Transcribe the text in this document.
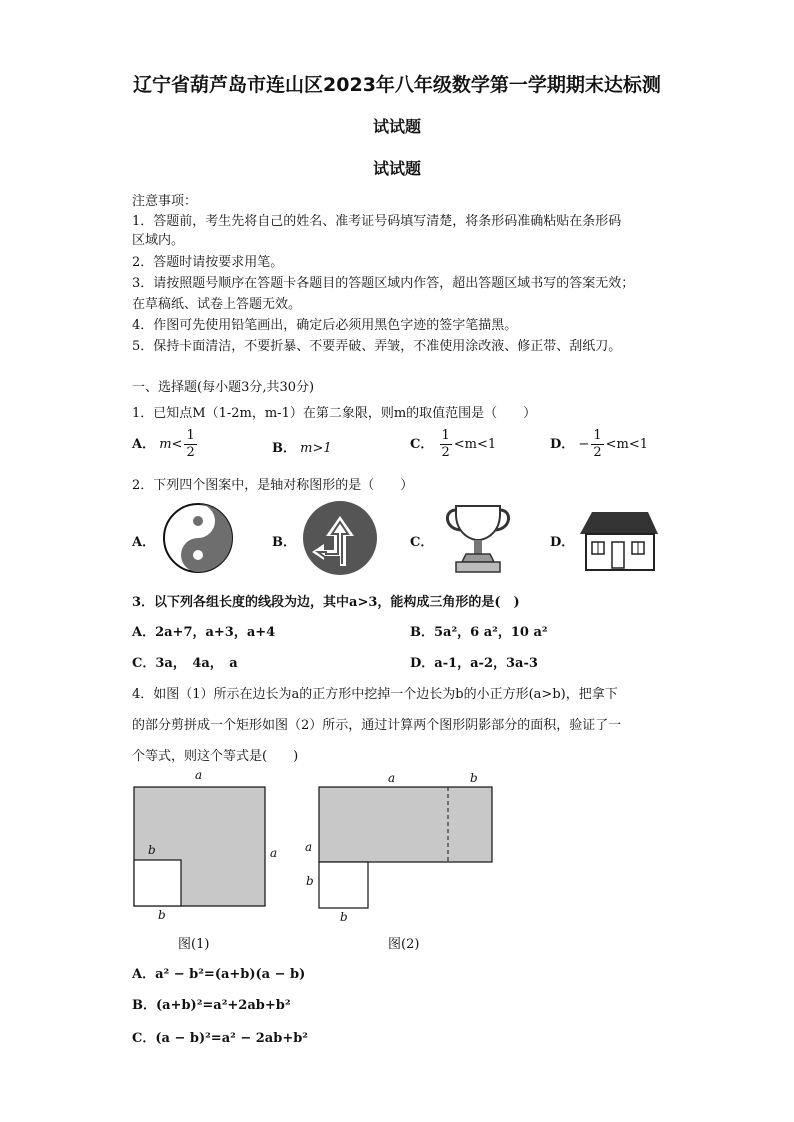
辽宁省葫芦岛市连山区2023年八年级数学第一学期期末达标测
试试题
试试题
注意事项：
1．答题前，考生先将自己的姓名、准考证号码填写清楚，将条形码准确粘贴在条形码
区域内。
2．答题时请按要求用笔。
3．请按照题号顺序在答题卡各题目的答题区域内作答，超出答题区域书写的答案无效；
在草稿纸、试卷上答题无效。
4．作图可先使用铅笔画出，确定后必须用黑色字迹的签字笔描黑。
5．保持卡面清洁，不要折暴、不要弄破、弄皱，不准使用涂改液、修正带、刮纸刀。
一、选择题(每小题3分,共30分)
1．已知点M（1-2m，m-1）在第二象限，则m的取值范围是（　　）
A． $m< \frac{1}{2}$	B． m>1	C． $\frac{1}{2} <m<1$	D． − $\frac{1}{2} <m<1$
2．下列四个图案中，是轴对称图形的是（　　）
A．	B．	C．	D．
3．以下列各组长度的线段为边，其中a>3，能构成三角形的是(　)
A．2a+7，a+3，a+4	B．5a²，6 a²，10 a²
C．3a，　4a，　a	D．a-1，a-2，3a-3
4．如图（1）所示在边长为a的正方形中挖掉一个边长为b的小正方形(a>b)，把拿下
的部分剪拼成一个矩形如图（2）所示，通过计算两个图形阴影部分的面积，验证了一
个等式，则这个等式是(　　)
a
a
b
b
图(1)
a	b
a
b
b
图(2)
A．a² − b²=(a+b)(a − b)
B．(a+b)²=a²+2ab+b²
C．(a − b)²=a² − 2ab+b²
